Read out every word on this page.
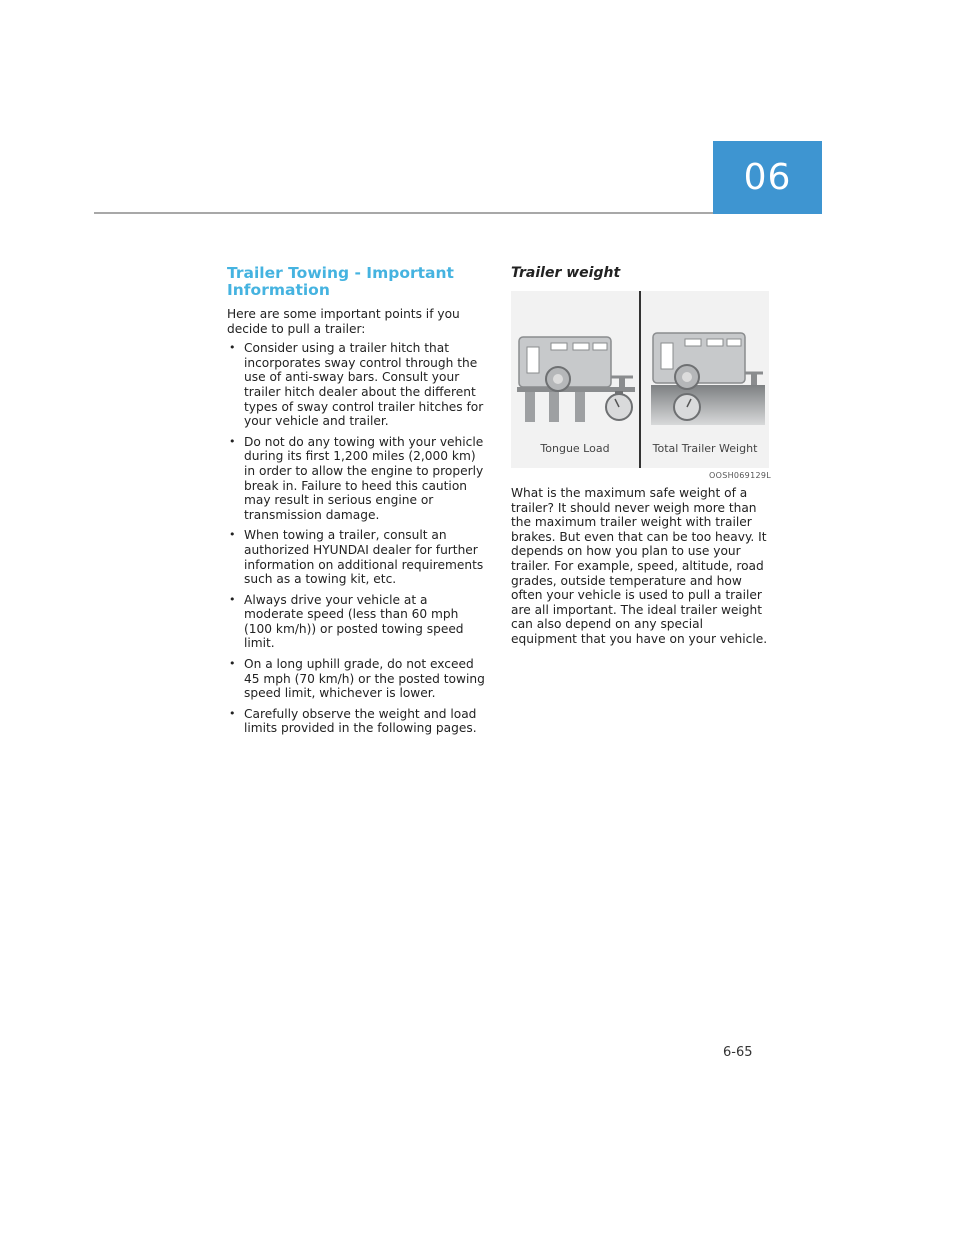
06
Trailer Towing - Important Information

Here are some important points if you decide to pull a trailer:

• Consider using a trailer hitch that incorporates sway control through the use of anti-sway bars. Consult your trailer hitch dealer about the different types of sway control trailer hitches for your vehicle and trailer.
• Do not do any towing with your vehicle during its first 1,200 miles (2,000 km) in order to allow the engine to properly break in. Failure to heed this caution may result in serious engine or transmission damage.
• When towing a trailer, consult an authorized HYUNDAI dealer for further information on additional requirements such as a towing kit, etc.
• Always drive your vehicle at a moderate speed (less than 60 mph (100 km/h)) or posted towing speed limit.
• On a long uphill grade, do not exceed 45 mph (70 km/h) or the posted towing speed limit, whichever is lower.
• Carefully observe the weight and load limits provided in the following pages.
Trailer weight
Tongue Load	Total Trailer Weight
OOSH069129L

What is the maximum safe weight of a trailer? It should never weigh more than the maximum trailer weight with trailer brakes. But even that can be too heavy. It depends on how you plan to use your trailer. For example, speed, altitude, road grades, outside temperature and how often your vehicle is used to pull a trailer are all important. The ideal trailer weight can also depend on any special equipment that you have on your vehicle.

6-65
